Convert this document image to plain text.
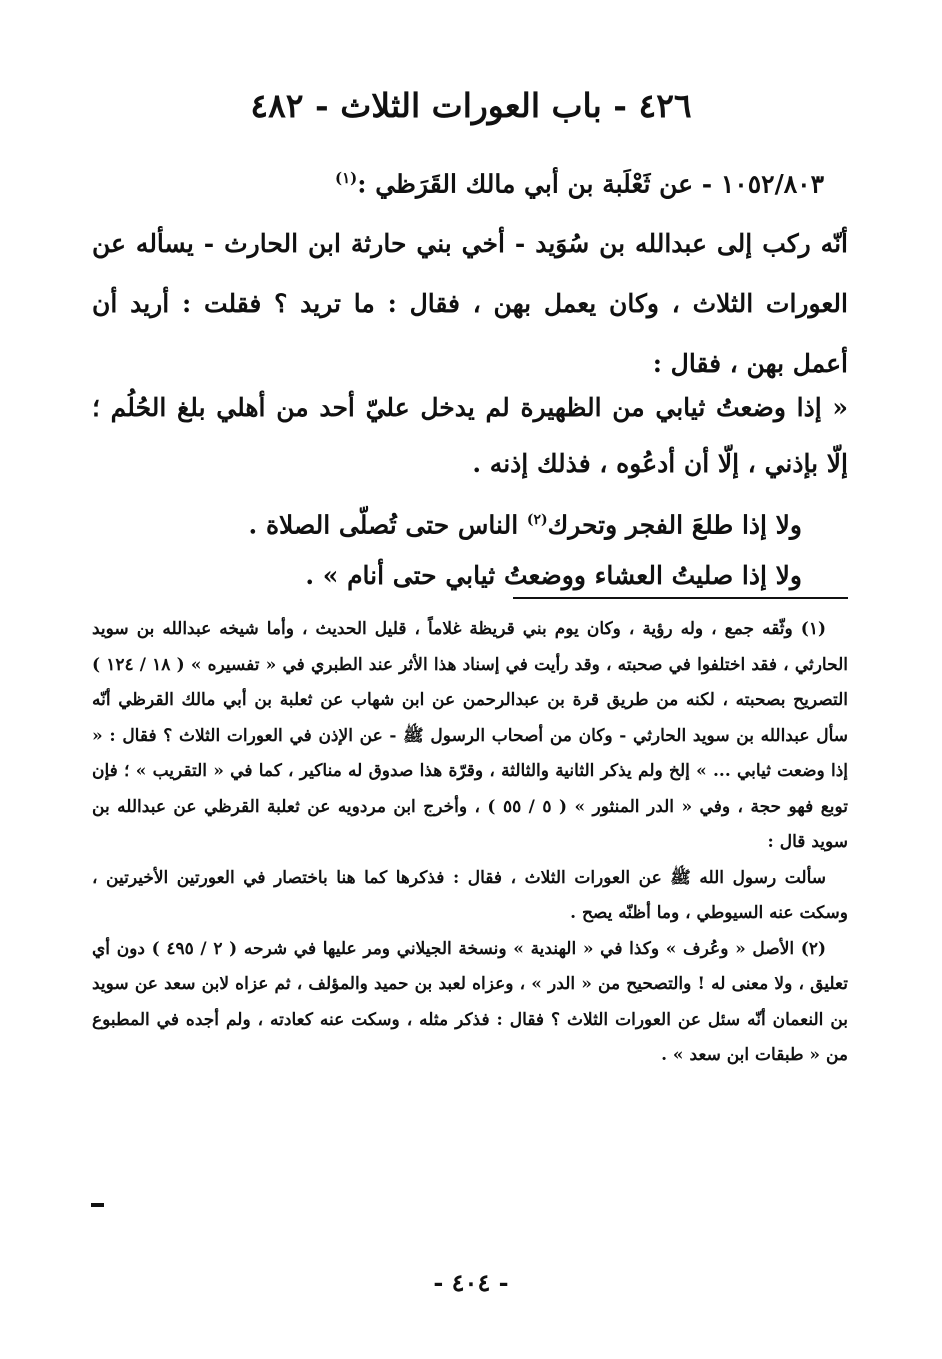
٤٢٦ - باب العورات الثلاث - ٤٨٢
١٠٥٢/٨٠٣ - عن ثَعْلَبة بن أبي مالك القَرَظي :$^{(١)}$
أنّه ركب إلى عبدالله بن سُوَيد - أخي بني حارثة ابن الحارث - يسأله عن العورات الثلاث ، وكان يعمل بهن ، فقال : ما تريد ؟ فقلت : أريد أن أعمل بهن ، فقال :
« إذا وضعتُ ثيابي من الظهيرة لم يدخل عليّ أحد من أهلي بلغ الحُلُم ؛
إلّا بإذني ، إلّا أن أدعُوه ، فذلك إذنه .
ولا إذا طلعَ الفجر وتحرك$^{(٢)}$ الناس حتى تُصلّى الصلاة .
ولا إذا صليتُ العشاء ووضعتُ ثيابي حتى أنام » .

(١) وثّقه جمع ، وله رؤية ، وكان يوم بني قريظة غلاماً ، قليل الحديث ، وأما شيخه عبدالله بن سويد الحارثي ، فقد اختلفوا في صحبته ، وقد رأيت في إسناد هذا الأثر عند الطبري في « تفسيره » ( ١٨ / ١٢٤ ) التصريح بصحبته ، لكنه من طريق قرة بن عبدالرحمن عن ابن شهاب عن ثعلبة بن أبي مالك القرظي أنّه سأل عبدالله بن سويد الحارثي - وكان من أصحاب الرسول ﷺ - عن الإذن في العورات الثلاث ؟ فقال : « إذا وضعت ثيابي ... » إلخ ولم يذكر الثانية والثالثة ، وقرّة هذا صدوق له مناكير ، كما في « التقريب » ؛ فإن توبع فهو حجة ، وفي « الدر المنثور » ( ٥ / ٥٥ ) ، وأخرج ابن مردويه عن ثعلبة القرظي عن عبدالله بن سويد قال :

سألت رسول الله ﷺ عن العورات الثلاث ، فقال : فذكرها كما هنا باختصار في العورتين الأخيرتين ، وسكت عنه السيوطي ، وما أظنّه يصح .

(٢) الأصل « وعُرف » وكذا في « الهندية » ونسخة الجيلاني ومر عليها في شرحه ( ٢ / ٤٩٥ ) دون أي تعليق ، ولا معنى له ! والتصحيح من « الدر » ، وعزاه لعبد بن حميد والمؤلف ، ثم عزاه لابن سعد عن سويد بن النعمان أنّه سئل عن العورات الثلاث ؟ فقال : فذكر مثله ، وسكت عنه كعادته ، ولم أجده في المطبوع من « طبقات ابن سعد » .

- ٤٠٤ -
